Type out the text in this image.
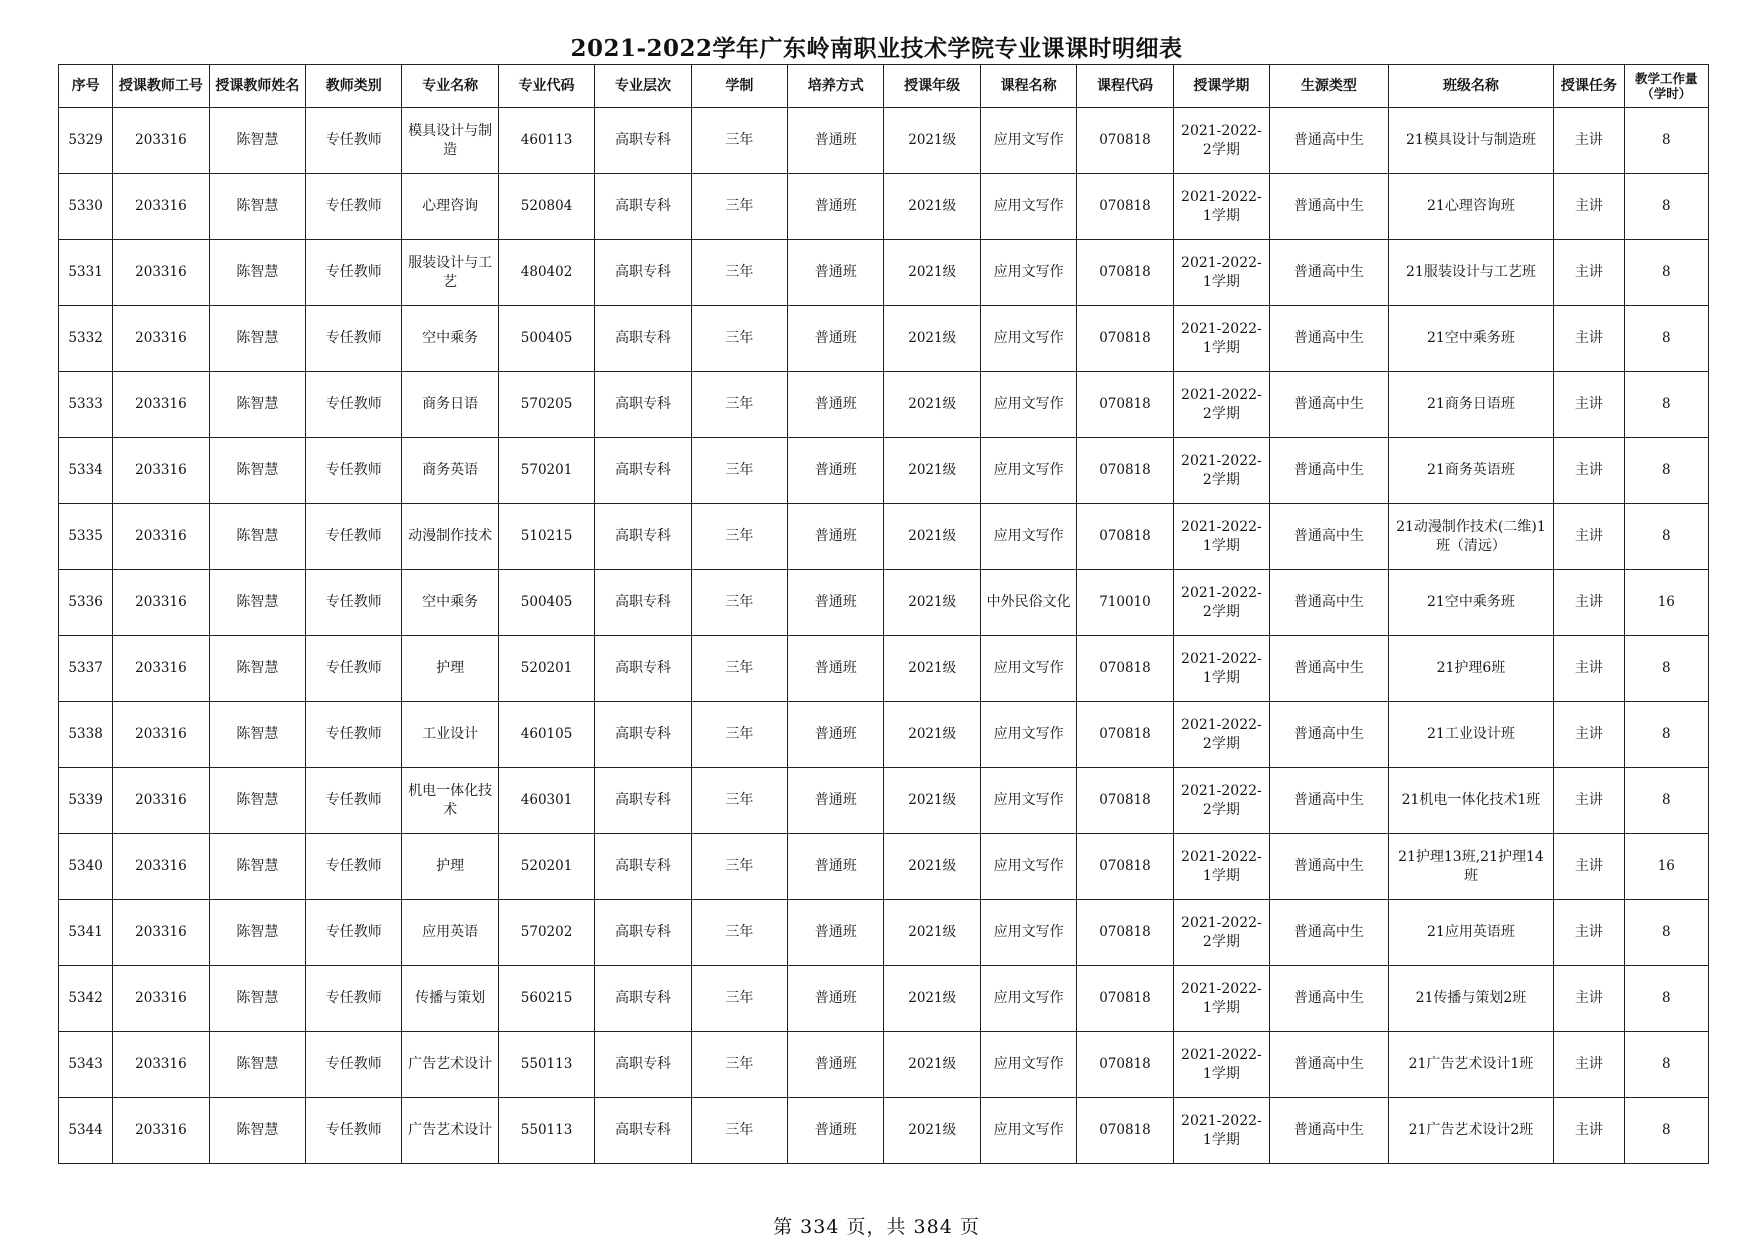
2021-2022学年广东岭南职业技术学院专业课课时明细表
序号	授课教师工号	授课教师姓名	教师类别	专业名称	专业代码	专业层次	学制	培养方式	授课年级	课程名称	课程代码	授课学期	生源类型	班级名称	授课任务	教学工作量（学时）
5329	203316	陈智慧	专任教师	模具设计与制造	460113	高职专科	三年	普通班	2021级	应用文写作	070818	2021-2022-2学期	普通高中生	21模具设计与制造班	主讲	8
5330	203316	陈智慧	专任教师	心理咨询	520804	高职专科	三年	普通班	2021级	应用文写作	070818	2021-2022-1学期	普通高中生	21心理咨询班	主讲	8
5331	203316	陈智慧	专任教师	服装设计与工艺	480402	高职专科	三年	普通班	2021级	应用文写作	070818	2021-2022-1学期	普通高中生	21服装设计与工艺班	主讲	8
5332	203316	陈智慧	专任教师	空中乘务	500405	高职专科	三年	普通班	2021级	应用文写作	070818	2021-2022-1学期	普通高中生	21空中乘务班	主讲	8
5333	203316	陈智慧	专任教师	商务日语	570205	高职专科	三年	普通班	2021级	应用文写作	070818	2021-2022-2学期	普通高中生	21商务日语班	主讲	8
5334	203316	陈智慧	专任教师	商务英语	570201	高职专科	三年	普通班	2021级	应用文写作	070818	2021-2022-2学期	普通高中生	21商务英语班	主讲	8
5335	203316	陈智慧	专任教师	动漫制作技术	510215	高职专科	三年	普通班	2021级	应用文写作	070818	2021-2022-1学期	普通高中生	21动漫制作技术(二维)1班（清远）	主讲	8
5336	203316	陈智慧	专任教师	空中乘务	500405	高职专科	三年	普通班	2021级	中外民俗文化	710010	2021-2022-2学期	普通高中生	21空中乘务班	主讲	16
5337	203316	陈智慧	专任教师	护理	520201	高职专科	三年	普通班	2021级	应用文写作	070818	2021-2022-1学期	普通高中生	21护理6班	主讲	8
5338	203316	陈智慧	专任教师	工业设计	460105	高职专科	三年	普通班	2021级	应用文写作	070818	2021-2022-2学期	普通高中生	21工业设计班	主讲	8
5339	203316	陈智慧	专任教师	机电一体化技术	460301	高职专科	三年	普通班	2021级	应用文写作	070818	2021-2022-2学期	普通高中生	21机电一体化技术1班	主讲	8
5340	203316	陈智慧	专任教师	护理	520201	高职专科	三年	普通班	2021级	应用文写作	070818	2021-2022-1学期	普通高中生	21护理13班,21护理14班	主讲	16
5341	203316	陈智慧	专任教师	应用英语	570202	高职专科	三年	普通班	2021级	应用文写作	070818	2021-2022-2学期	普通高中生	21应用英语班	主讲	8
5342	203316	陈智慧	专任教师	传播与策划	560215	高职专科	三年	普通班	2021级	应用文写作	070818	2021-2022-1学期	普通高中生	21传播与策划2班	主讲	8
5343	203316	陈智慧	专任教师	广告艺术设计	550113	高职专科	三年	普通班	2021级	应用文写作	070818	2021-2022-1学期	普通高中生	21广告艺术设计1班	主讲	8
5344	203316	陈智慧	专任教师	广告艺术设计	550113	高职专科	三年	普通班	2021级	应用文写作	070818	2021-2022-1学期	普通高中生	21广告艺术设计2班	主讲	8
第 334 页，共 384 页
